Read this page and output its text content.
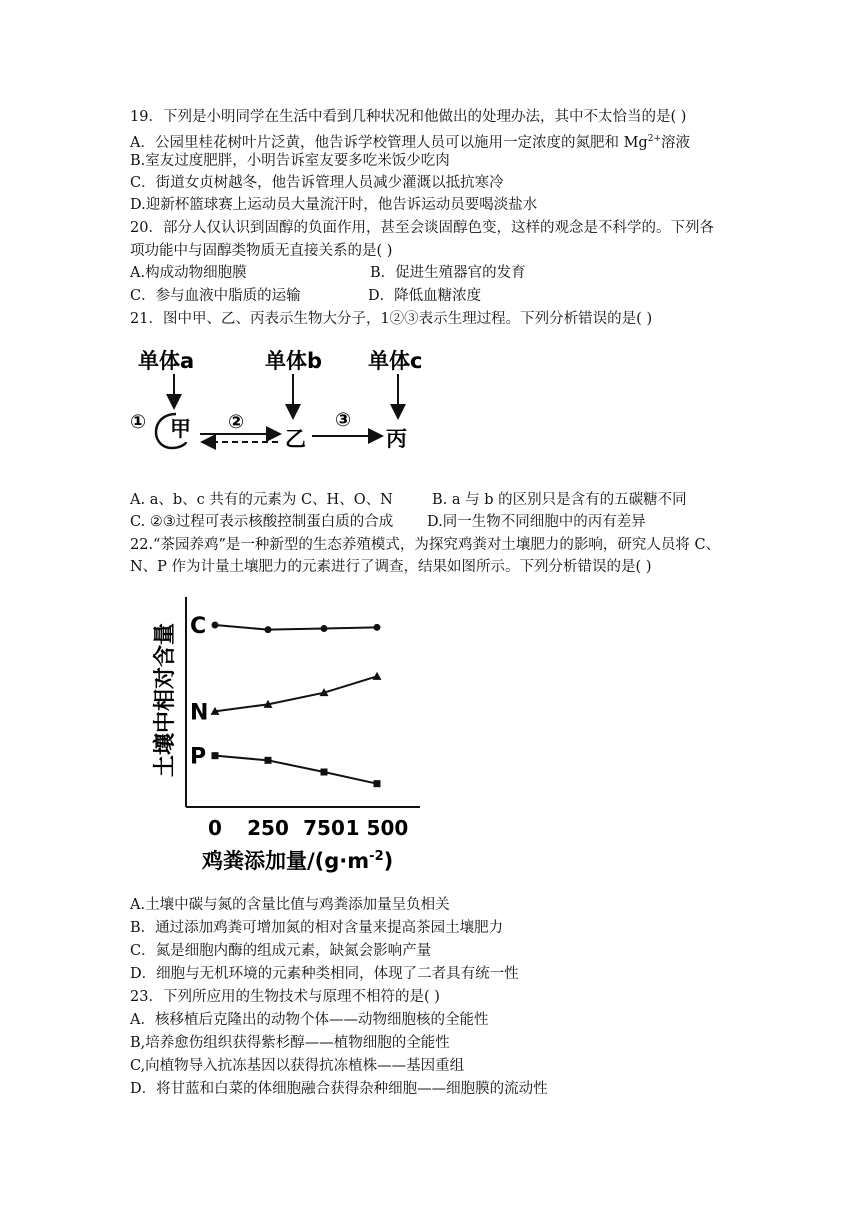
19．下列是小明同学在生活中看到几种状况和他做出的处理办法，其中不太恰当的是( )
A．公园里桂花树叶片泛黄，他告诉学校管理人员可以施用一定浓度的氮肥和 $Mg^{2+}$溶液
B.室友过度肥胖，小明告诉室友要多吃米饭少吃肉
C．街道女贞树越冬，他告诉管理人员减少灌溉以抵抗寒冷
D.迎新杯篮球赛上运动员大量流汗时，他告诉运动员要喝淡盐水
20．部分人仅认识到固醇的负面作用，甚至会谈固醇色变，这样的观念是不科学的。下列各
项功能中与固醇类物质无直接关系的是( )
A.构成动物细胞膜	B．促进生殖器官的发育
C．参与血液中脂质的运输	D．降低血糖浓度
21．图中甲、乙、丙表示生物大分子，1②③表示生理过程。下列分析错误的是( )
单体a	单体b 单体c
① 甲 ②
乙
③
丙
A. a、b、c 共有的元素为 C、H、O、N	B. a 与 b 的区别只是含有的五碳糖不同
C. ②③过程可表示核酸控制蛋白质的合成 D.同一生物不同细胞中的丙有差异
22.“茶园养鸡”是一种新型的生态养殖模式，为探究鸡粪对土壤肥力的影响，研究人员将 C、
N、P 作为计量土壤肥力的元素进行了调查，结果如图所示。下列分析错误的是( )
土壤中相对含量 C
N
P
0 250 750 1 500
鸡粪添加量$/(g\cdot m^{-2})$
A.土壤中碳与氮的含量比值与鸡粪添加量呈负相关
B．通过添加鸡粪可增加氮的相对含量来提高茶园土壤肥力
C．氮是细胞内酶的组成元素，缺氮会影响产量
D．细胞与无机环境的元素种类相同，体现了二者具有统一性
23．下列所应用的生物技术与原理不相符的是( )
A．核移植后克隆出的动物个体——动物细胞核的全能性
B,培养愈伤组织获得紫杉醇——植物细胞的全能性
C,向植物导入抗冻基因以获得抗冻植株——基因重组
D．将甘蓝和白菜的体细胞融合获得杂种细胞——细胞膜的流动性
